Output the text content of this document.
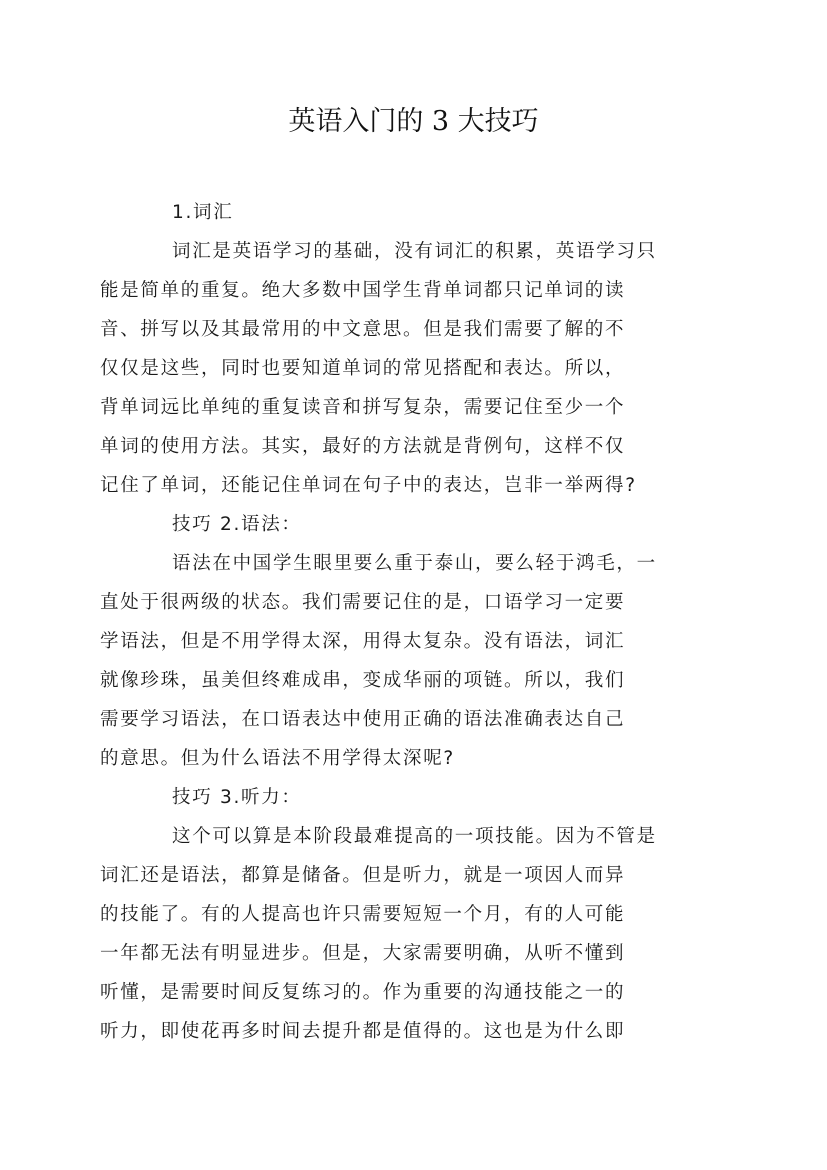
英语入门的 3 大技巧
1.词汇
词汇是英语学习的基础，没有词汇的积累，英语学习只
能是简单的重复。绝大多数中国学生背单词都只记单词的读
音、拼写以及其最常用的中文意思。但是我们需要了解的不
仅仅是这些，同时也要知道单词的常见搭配和表达。所以，
背单词远比单纯的重复读音和拼写复杂，需要记住至少一个
单词的使用方法。其实，最好的方法就是背例句，这样不仅
记住了单词，还能记住单词在句子中的表达，岂非一举两得?
技巧 2.语法：
语法在中国学生眼里要么重于泰山，要么轻于鸿毛，一
直处于很两级的状态。我们需要记住的是，口语学习一定要
学语法，但是不用学得太深，用得太复杂。没有语法，词汇
就像珍珠，虽美但终难成串，变成华丽的项链。所以，我们
需要学习语法，在口语表达中使用正确的语法准确表达自己
的意思。但为什么语法不用学得太深呢?
技巧 3.听力：
这个可以算是本阶段最难提高的一项技能。因为不管是
词汇还是语法，都算是储备。但是听力，就是一项因人而异
的技能了。有的人提高也许只需要短短一个月，有的人可能
一年都无法有明显进步。但是，大家需要明确，从听不懂到
听懂，是需要时间反复练习的。作为重要的沟通技能之一的
听力，即使花再多时间去提升都是值得的。这也是为什么即
